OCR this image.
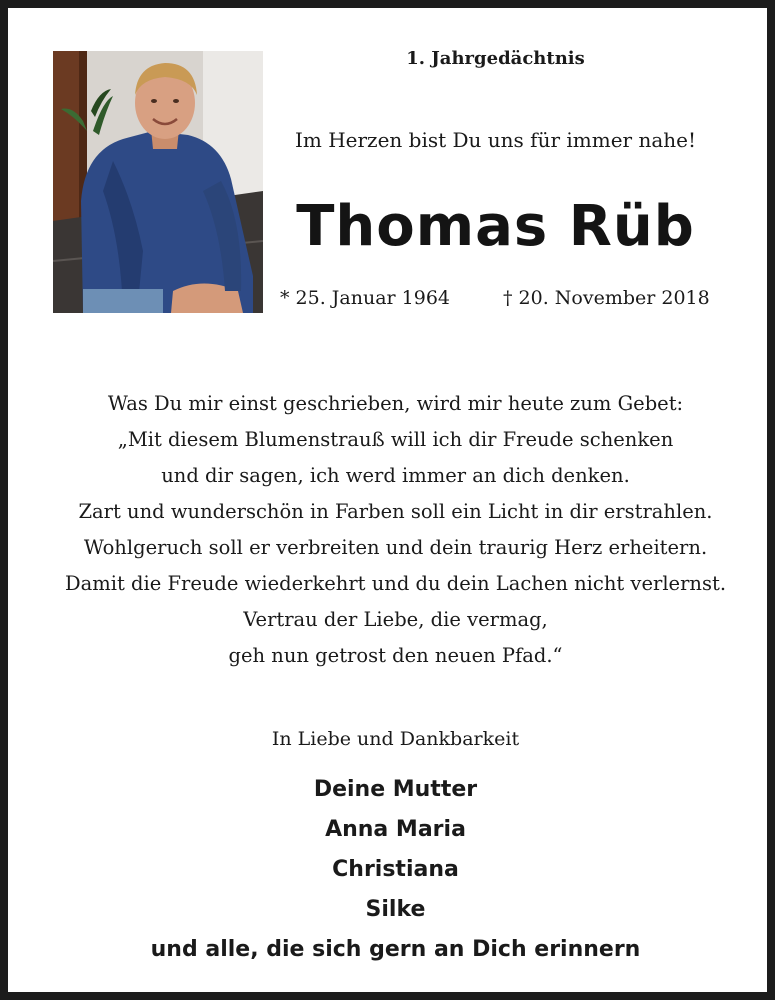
1. Jahrgedächtnis
Im Herzen bist Du uns für immer nahe!
Thomas Rüb
* 25. Januar 1964	† 20. November 2018
Was Du mir einst geschrieben, wird mir heute zum Gebet:
„Mit diesem Blumenstrauß will ich dir Freude schenken
und dir sagen, ich werd immer an dich denken.
Zart und wunderschön in Farben soll ein Licht in dir erstrahlen.
Wohlgeruch soll er verbreiten und dein traurig Herz erheitern.
Damit die Freude wiederkehrt und du dein Lachen nicht verlernst.
Vertrau der Liebe, die vermag,
geh nun getrost den neuen Pfad.“
In Liebe und Dankbarkeit
Deine Mutter
Anna Maria
Christiana
Silke
und alle, die sich gern an Dich erinnern
